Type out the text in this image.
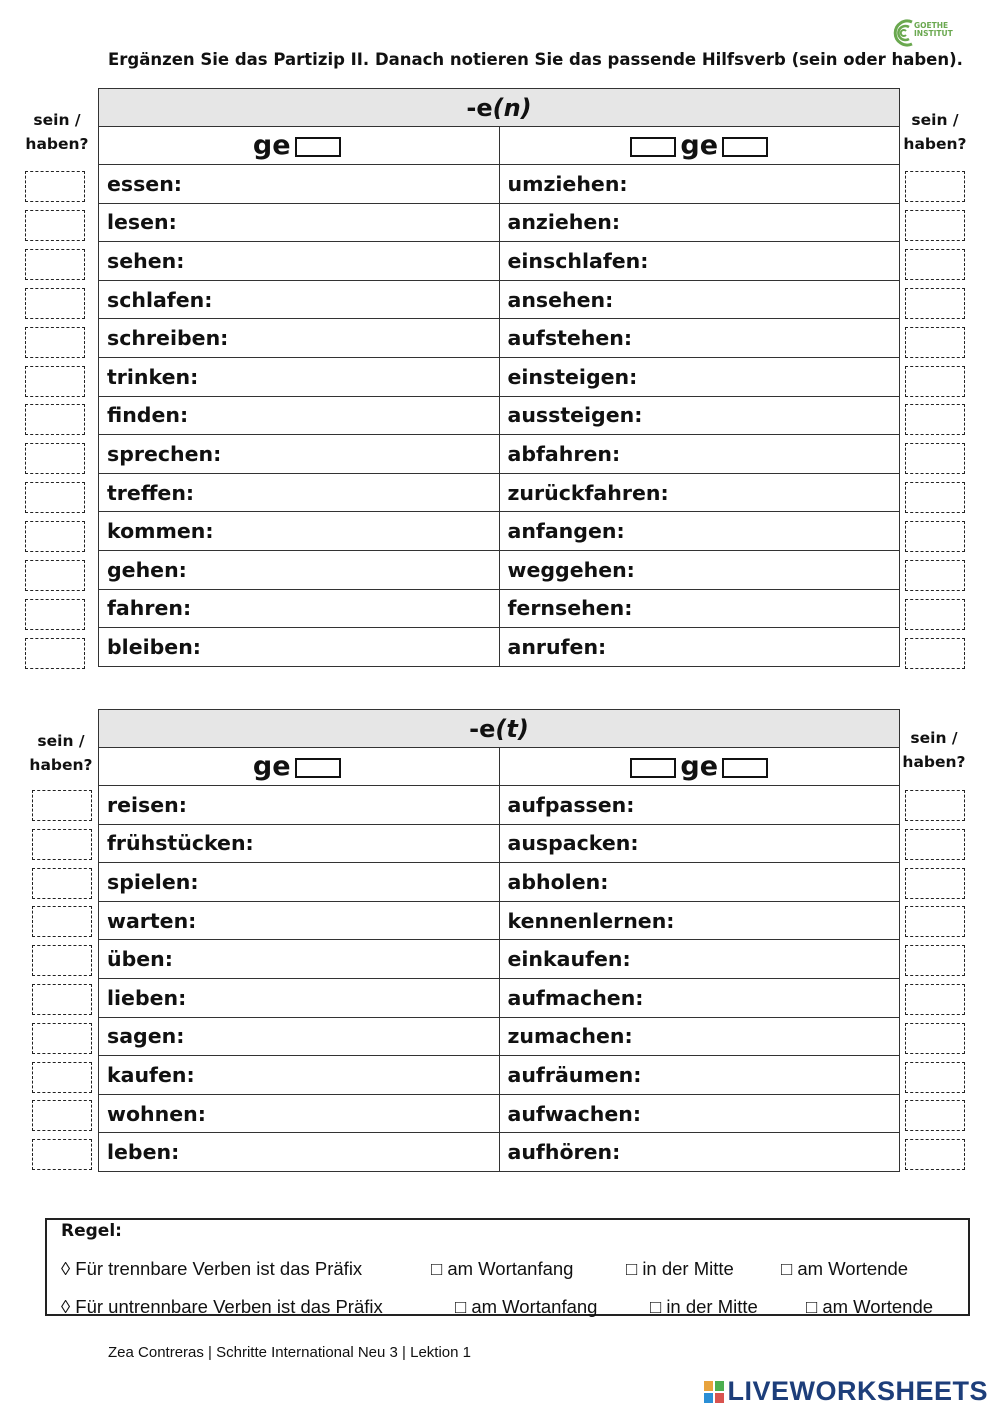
GOETHE
INSTITUT
Ergänzen Sie das Partizip II. Danach notieren Sie das passende Hilfsverb (sein oder haben).
sein /
haben?
sein /
haben?
-e(n)	
ge	ge
essen:	umziehen:
lesen:	anziehen:
sehen:	einschlafen:
schlafen:	ansehen:
schreiben:	aufstehen:
trinken:	einsteigen:
finden:	aussteigen:
sprechen:	abfahren:
treffen:	zurückfahren:
kommen:	anfangen:
gehen:	weggehen:
fahren:	fernsehen:
bleiben:	anrufen:
sein /
haben?
sein /
haben?
-e(t)	
ge	ge
reisen:	aufpassen:
frühstücken:	auspacken:
spielen:	abholen:
warten:	kennenlernen:
üben:	einkaufen:
lieben:	aufmachen:
sagen:	zumachen:
kaufen:	aufräumen:
wohnen:	aufwachen:
leben:	aufhören:
Regel:
◊ Für trennbare Verben ist das Präfix	□ am Wortanfang	□ in der Mitte	□ am Wortende
◊ Für untrennbare Verben ist das Präfix	□ am Wortanfang	□ in der Mitte	□ am Wortende
Zea Contreras | Schritte International Neu 3 | Lektion 1
LIVEWORKSHEETS
